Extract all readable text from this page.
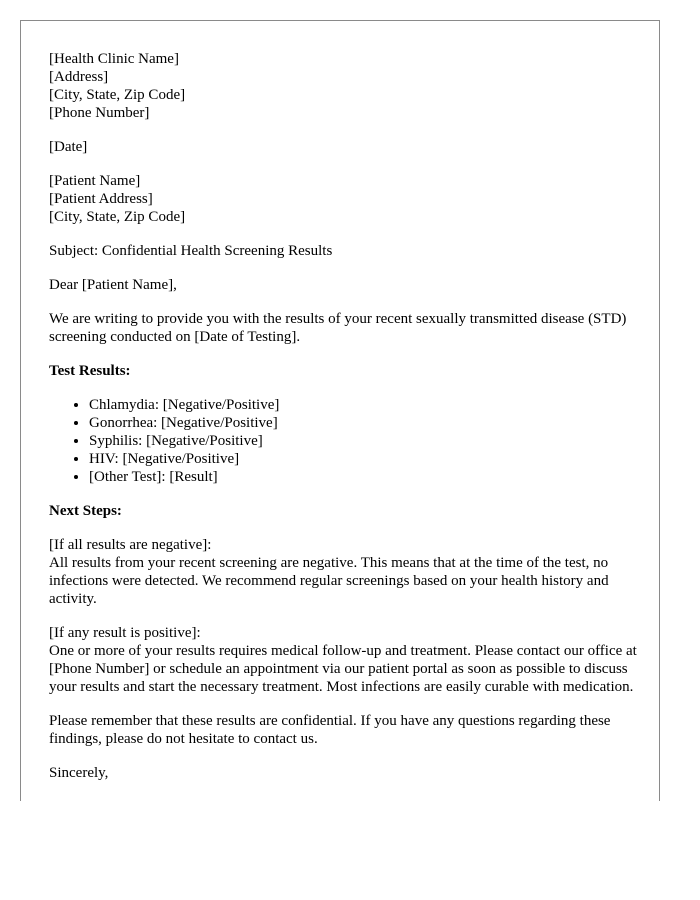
[Health Clinic Name]
[Address]
[City, State, Zip Code]
[Phone Number]
[Date]
[Patient Name]
[Patient Address]
[City, State, Zip Code]
Subject: Confidential Health Screening Results
Dear [Patient Name],
We are writing to provide you with the results of your recent sexually transmitted disease (STD) screening conducted on [Date of Testing].
Test Results:
• Chlamydia: [Negative/Positive]
• Gonorrhea: [Negative/Positive]
• Syphilis: [Negative/Positive]
• HIV: [Negative/Positive]
• [Other Test]: [Result]
Next Steps:
[If all results are negative]:
All results from your recent screening are negative. This means that at the time of the test, no infections were detected. We recommend regular screenings based on your health history and activity.
[If any result is positive]:
One or more of your results requires medical follow-up and treatment. Please contact our office at [Phone Number] or schedule an appointment via our patient portal as soon as possible to discuss your results and start the necessary treatment. Most infections are easily curable with medication.
Please remember that these results are confidential. If you have any questions regarding these findings, please do not hesitate to contact us.
Sincerely,
